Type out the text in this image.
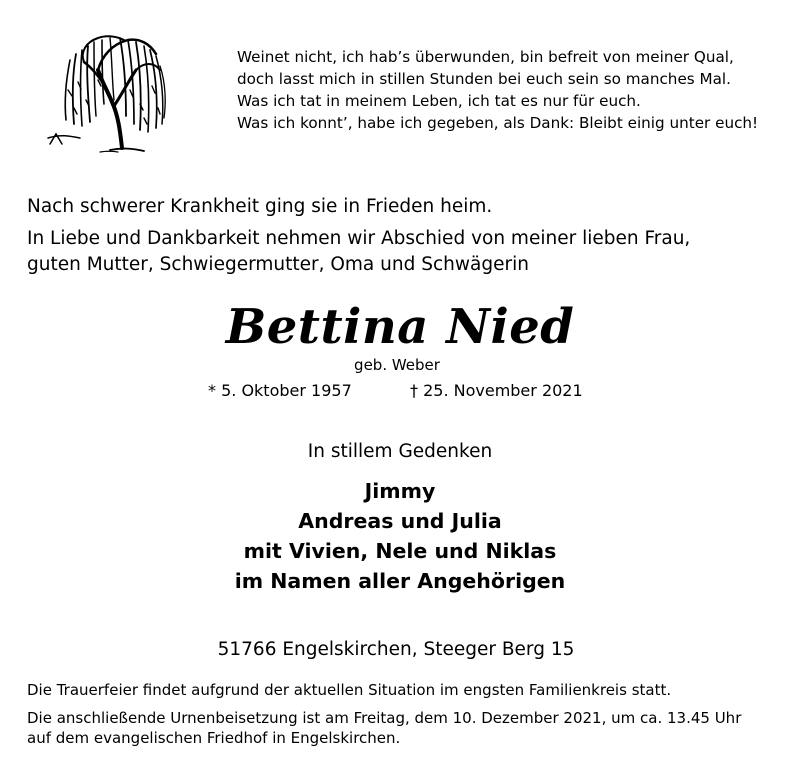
Weinet nicht, ich hab’s überwunden, bin befreit von meiner Qual,
doch lasst mich in stillen Stunden bei euch sein so manches Mal.
Was ich tat in meinem Leben, ich tat es nur für euch.
Was ich konnt’, habe ich gegeben, als Dank: Bleibt einig unter euch!
Nach schwerer Krankheit ging sie in Frieden heim.
In Liebe und Dankbarkeit nehmen wir Abschied von meiner lieben Frau,
guten Mutter, Schwiegermutter, Oma und Schwägerin
Bettina Nied
geb. Weber
* 5. Oktober 1957	† 25. November 2021
In stillem Gedenken
Jimmy
Andreas und Julia
mit Vivien, Nele und Niklas
im Namen aller Angehörigen
51766 Engelskirchen, Steeger Berg 15
Die Trauerfeier findet aufgrund der aktuellen Situation im engsten Familienkreis statt.
Die anschließende Urnenbeisetzung ist am Freitag, dem 10. Dezember 2021, um ca. 13.45 Uhr
auf dem evangelischen Friedhof in Engelskirchen.
